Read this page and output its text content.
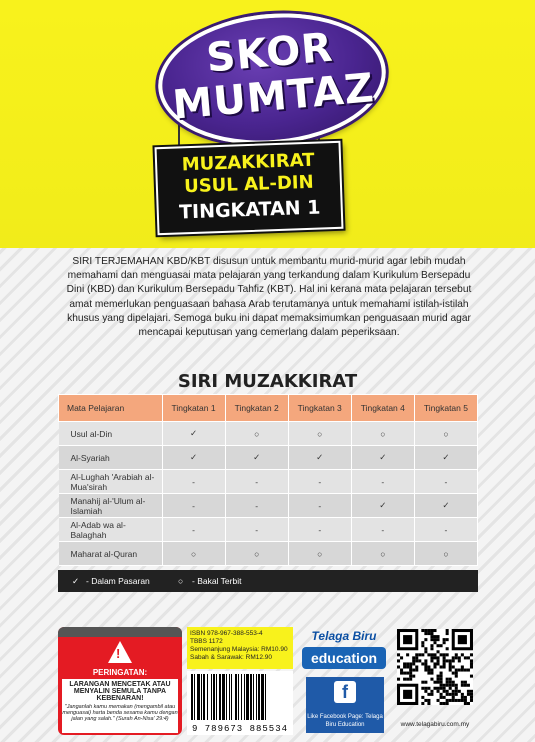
SKOR
MUMTAZ
MUZAKKIRAT
USUL AL-DIN
TINGKATAN 1
SIRI TERJEMAHAN KBD/KBT disusun untuk membantu murid-murid agar lebih mudah memahami dan menguasai mata pelajaran yang terkandung dalam Kurikulum Bersepadu Dini (KBD) dan Kurikulum Bersepadu Tahfiz (KBT). Hal ini kerana mata pelajaran tersebut amat memerlukan penguasaan bahasa Arab terutamanya untuk memahami istilah-istilah khusus yang dipelajari. Semoga buku ini dapat memaksimumkan penguasaan murid agar mencapai keputusan yang cemerlang dalam peperiksaan.
SIRI MUZAKKIRAT
Mata Pelajaran	Tingkatan 1	Tingkatan 2	Tingkatan 3	Tingkatan 4	Tingkatan 5
Usul al-Din	✓	○	○	○	○
Al-Syariah	✓	✓	✓	✓	✓
Al-Lughah 'Arabiah al-Mua'sirah	-	-	-	-	-
Manahij al-'Ulum al-Islamiah	-	-	-	✓	✓
Al-Adab wa al-Balaghah	-	-	-	-	-
Maharat al-Quran	○	○	○	○	○
✓ - Dalam Pasaran	○ - Bakal Terbit
!
PERINGATAN:
LARANGAN MENCETAK ATAU MENYALIN SEMULA TANPA KEBENARAN!
"Janganlah kamu memakan (mengambil atau menguasai) harta benda sesama kamu dengan jalan yang salah." (Surah An-Nisa' 29:4)
ISBN 978-967-388-553-4
TBBS 1172
Semenanjung Malaysia: RM10.90
Sabah & Sarawak: RM12.90
9 789673 885534
Telaga Biru
education
f
Like Facebook Page: Telaga Biru Education	www.telagabiru.com.my
